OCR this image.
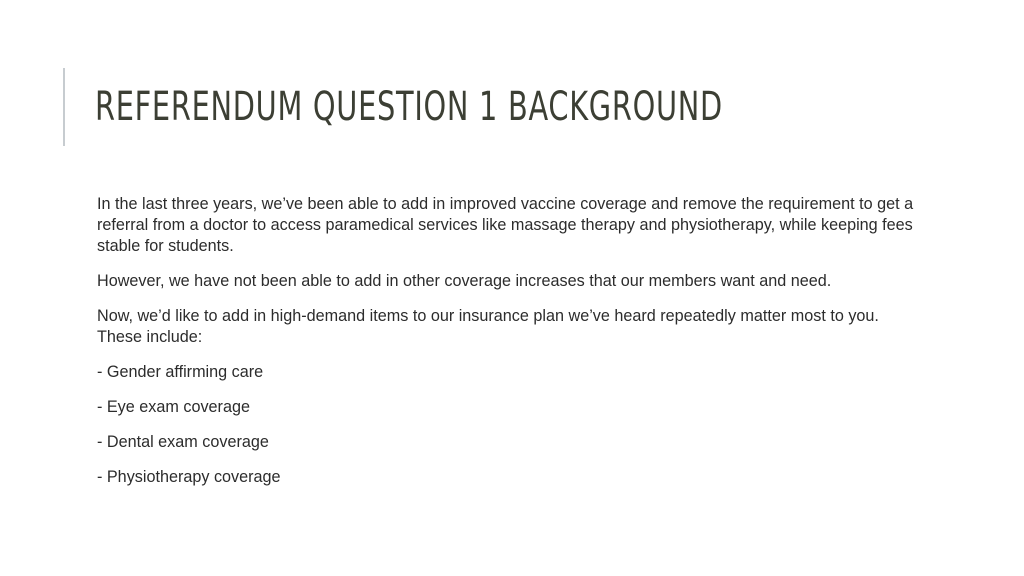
REFERENDUM QUESTION 1 BACKGROUND

In the last three years, we’ve been able to add in improved vaccine coverage and remove the requirement to get a referral from a doctor to access paramedical services like massage therapy and physiotherapy, while keeping fees stable for students.

However, we have not been able to add in other coverage increases that our members want and need.

Now, we’d like to add in high-demand items to our insurance plan we’ve heard repeatedly matter most to you. These include:

- Gender affirming care

- Eye exam coverage

- Dental exam coverage

- Physiotherapy coverage
